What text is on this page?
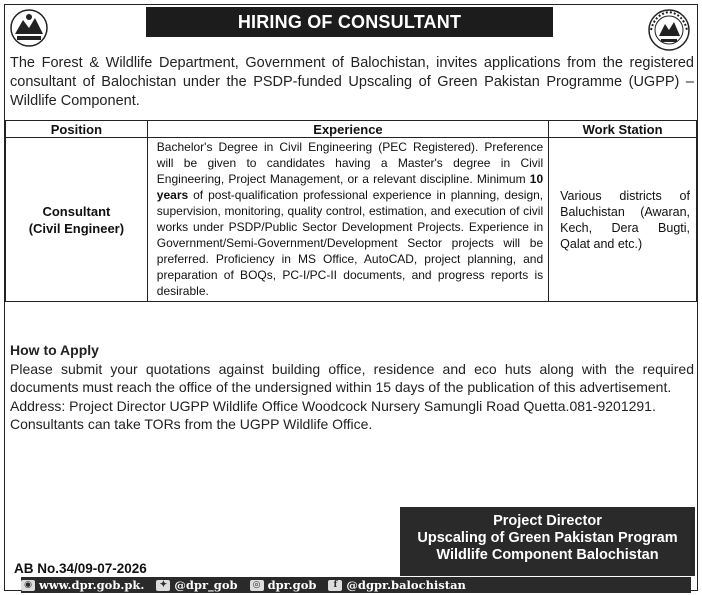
HIRING OF CONSULTANT

The Forest & Wildlife Department, Government of Balochistan, invites applications from the registered consultant of Balochistan under the PSDP-funded Upscaling of Green Pakistan Programme (UGPP) – Wildlife Component.

Position	Experience	Work Station

Consultant
(Civil Engineer)	Bachelor's Degree in Civil Engineering (PEC Registered). Preference will be given to candidates having a Master's degree in Civil Engineering, Project Management, or a relevant discipline. Minimum 10 years of post-qualification professional experience in planning, design, supervision, monitoring, quality control, estimation, and execution of civil works under PSDP/Public Sector Development Projects. Experience in Government/Semi-Government/Development Sector projects will be preferred. Proficiency in MS Office, AutoCAD, project planning, and preparation of BOQs, PC-I/PC-II documents, and progress reports is desirable.	Various districts of Baluchistan (Awaran, Kech, Dera Bugti, Qalat and etc.)
How to Apply
Please submit your quotations against building office, residence and eco huts along with the required documents must reach the office of the undersigned within 15 days of the publication of this advertisement.
Address: Project Director UGPP Wildlife Office Woodcock Nursery Samungli Road Quetta.081-9201291.
Consultants can take TORs from the UGPP Wildlife Office.
Project Director
Upscaling of Green Pakistan Program
Wildlife Component Balochistan
AB No.34/09-07-2026
◉ www.dpr.gob.pk.	✦ @dpr_gob	◎ dpr.gob	f @dgpr.balochistan
